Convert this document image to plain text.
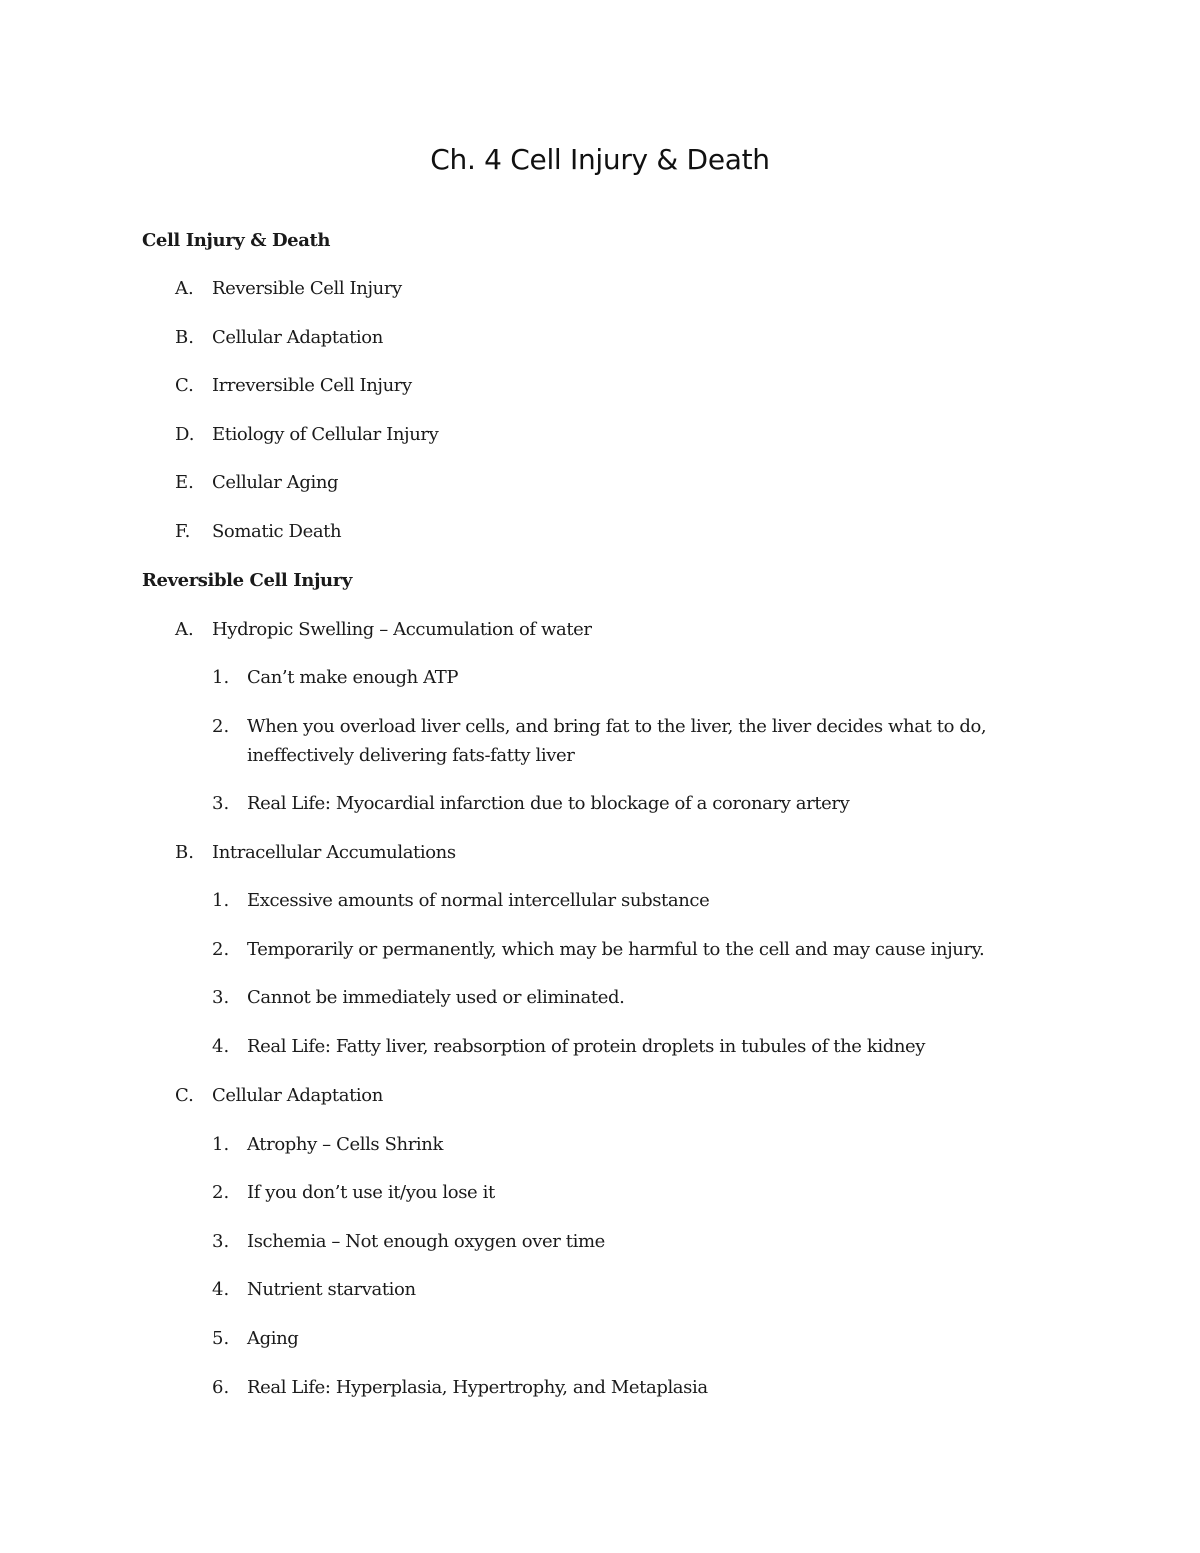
Ch. 4 Cell Injury & Death
Cell Injury & Death
A.	Reversible Cell Injury
B.	Cellular Adaptation
C.	Irreversible Cell Injury
D. Etiology of Cellular Injury
E.	Cellular Aging
F.	Somatic Death
Reversible Cell Injury
A.	Hydropic Swelling – Accumulation of water
1. Can’t make enough ATP
2. When you overload liver cells, and bring fat to the liver, the liver decides what to do,
ineffectively delivering fats-fatty liver
3. Real Life: Myocardial infarction due to blockage of a coronary artery
B.	Intracellular Accumulations
1. Excessive amounts of normal intercellular substance
2. Temporarily or permanently, which may be harmful to the cell and may cause injury.
3. Cannot be immediately used or eliminated.
4. Real Life: Fatty liver, reabsorption of protein droplets in tubules of the kidney
C.	Cellular Adaptation
1. Atrophy – Cells Shrink
2. If you don’t use it/you lose it
3. Ischemia – Not enough oxygen over time
4. Nutrient starvation
5. Aging
6. Real Life: Hyperplasia, Hypertrophy, and Metaplasia
